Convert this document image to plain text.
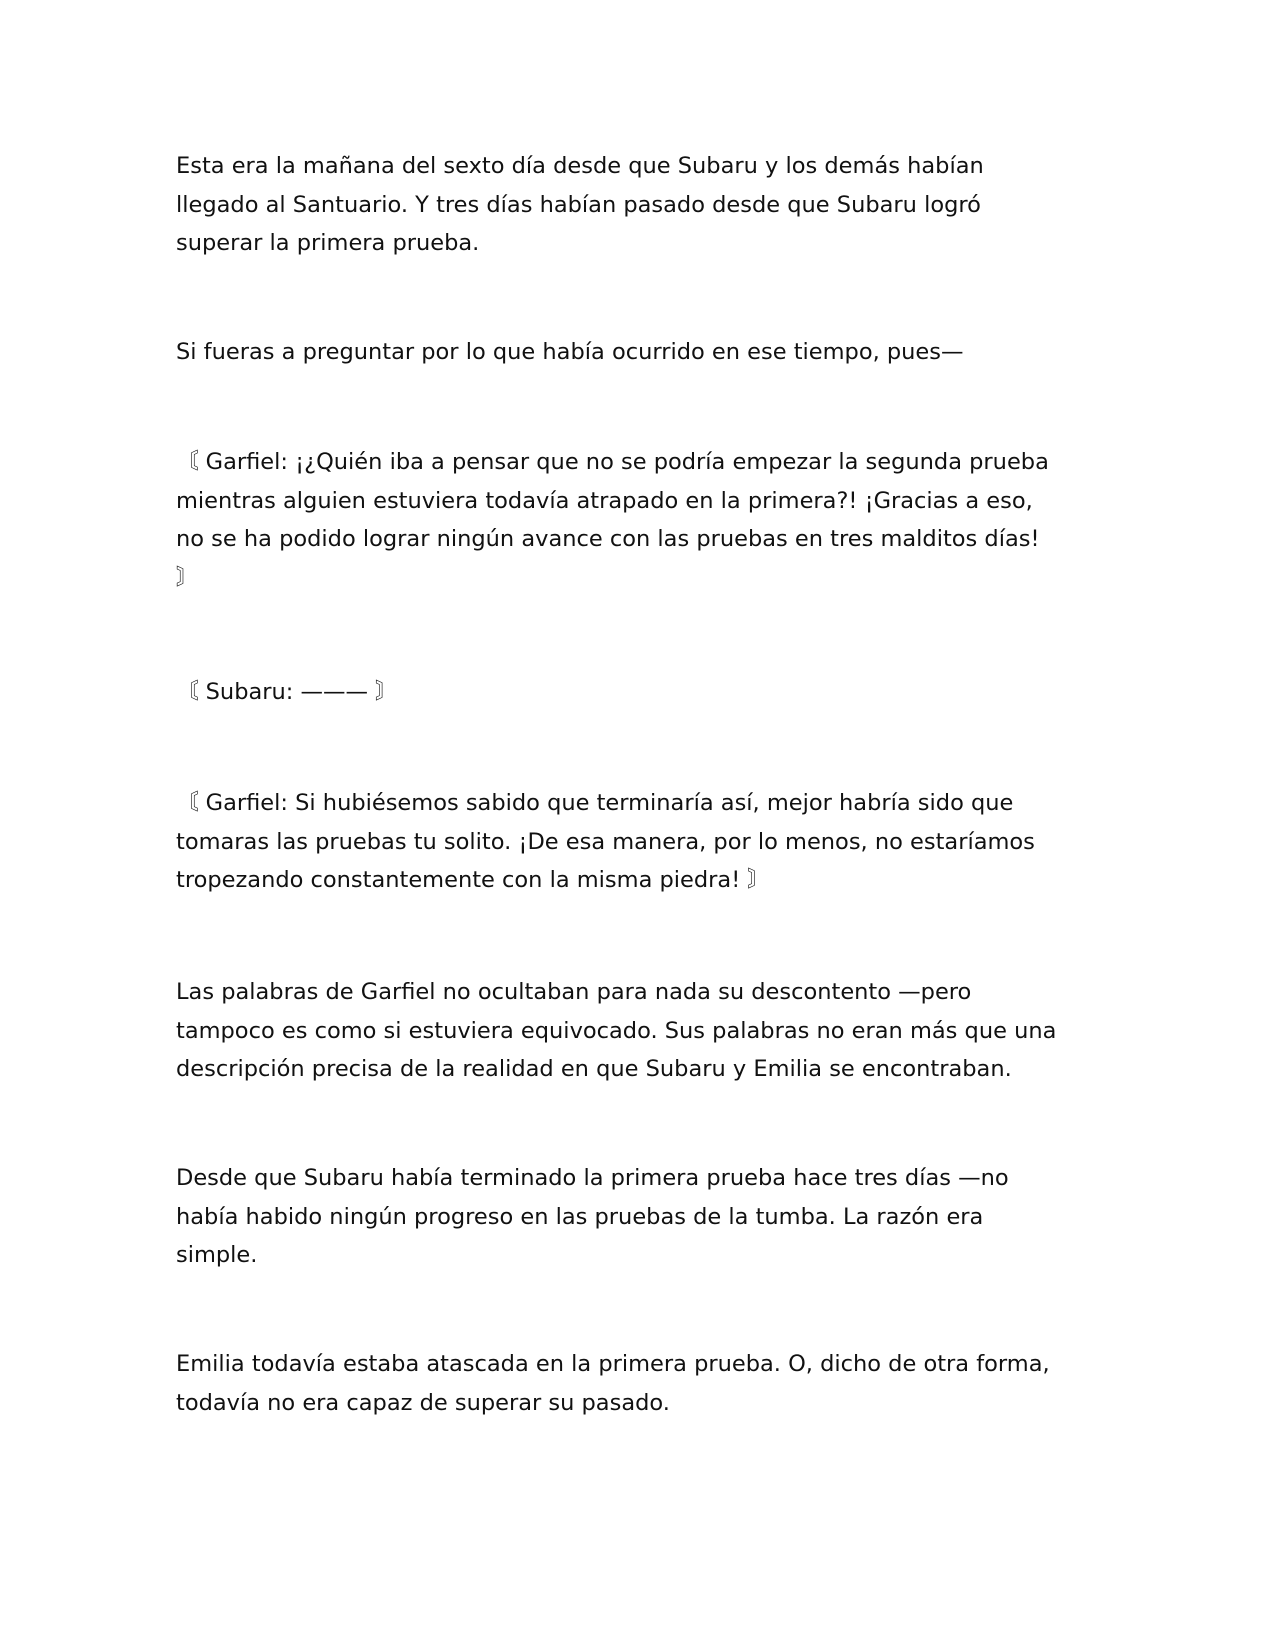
Esta era la mañana del sexto día desde que Subaru y los demás habían
llegado al Santuario. Y tres días habían pasado desde que Subaru logró
superar la primera prueba.

Si fueras a preguntar por lo que había ocurrido en ese tiempo, pues—

〘 Garfiel: ¡¿Quién iba a pensar que no se podría empezar la segunda prueba
mientras alguien estuviera todavía atrapado en la primera?! ¡Gracias a eso,
no se ha podido lograr ningún avance con las pruebas en tres malditos días!
〙

〘 Subaru: ——— 〙

〘 Garfiel: Si hubiésemos sabido que terminaría así, mejor habría sido que
tomaras las pruebas tu solito. ¡De esa manera, por lo menos, no estaríamos
tropezando constantemente con la misma piedra! 〙

Las palabras de Garfiel no ocultaban para nada su descontento —pero
tampoco es como si estuviera equivocado. Sus palabras no eran más que una
descripción precisa de la realidad en que Subaru y Emilia se encontraban.

Desde que Subaru había terminado la primera prueba hace tres días —no
había habido ningún progreso en las pruebas de la tumba. La razón era
simple.

Emilia todavía estaba atascada en la primera prueba. O, dicho de otra forma,
todavía no era capaz de superar su pasado.
